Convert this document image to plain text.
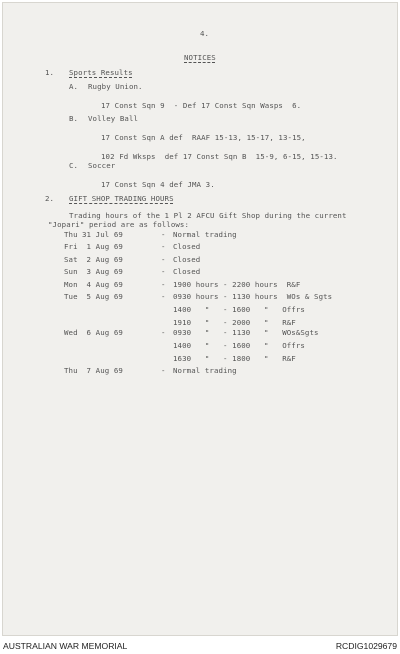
4.
NOTICES
1. Sports Results
A. Rugby Union.
17 Const Sqn 9  - Def 17 Const Sqn Wasps  6.
B. Volley Ball
17 Const Sqn A def  RAAF 15-13, 15-17, 13-15,
102 Fd Wksps  def 17 Const Sqn B  15-9, 6-15, 15-13.
C. Soccer
17 Const Sqn 4 def JMA 3.
2. GIFT SHOP TRADING HOURS
Trading hours of the 1 Pl 2 AFCU Gift Shop during the current
"Jopari" period are as follows:
Thu 31 Jul 69	- Normal trading
Fri 1 Aug 69	- Closed
Sat 2 Aug 69	- Closed
Sun 3 Aug 69	- Closed
Mon 4 Aug 69	- 1900 hours - 2200 hours  R&F
Tue 5 Aug 69	- 0930 hours - 1130 hours  WOs & Sgts
1400   "   - 1600   "   Offrs
1910   "   - 2000   "   R&F
Wed 6 Aug 69	- 0930   "   - 1130   "   WOs&Sgts
1400   "   - 1600   "   Offrs
1630   "   - 1800   "   R&F
Thu 7 Aug 69	- Normal trading
AUSTRALIAN WAR MEMORIAL	RCDIG1029679
